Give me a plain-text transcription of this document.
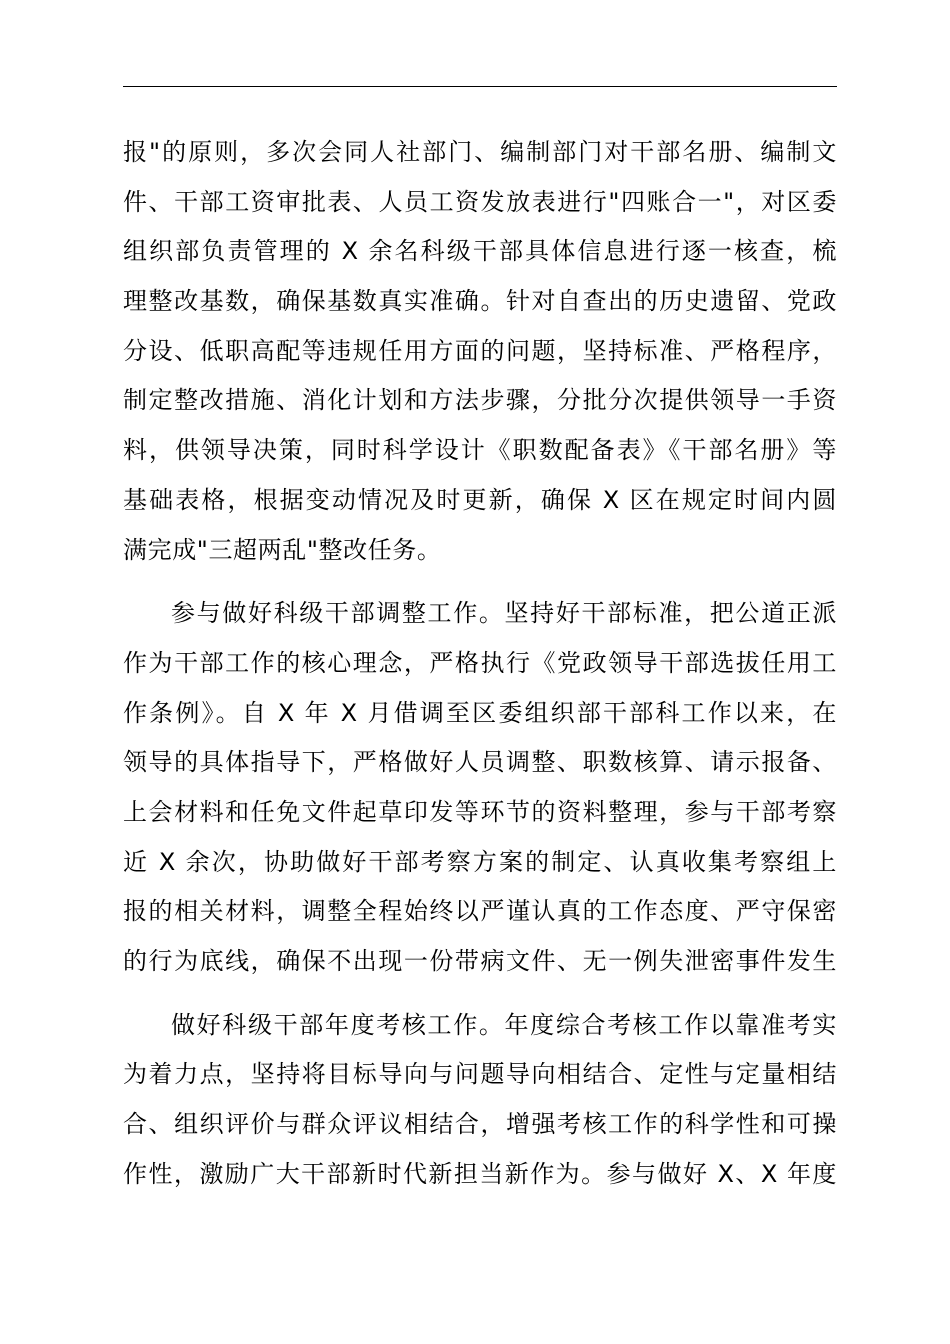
报"的原则，多次会同人社部门、编制部门对干部名册、编制文
件、干部工资审批表、人员工资发放表进行"四账合一"，对区委
组织部负责管理的 X 余名科级干部具体信息进行逐一核查，梳
理整改基数，确保基数真实准确。针对自查出的历史遗留、党政
分设、低职高配等违规任用方面的问题，坚持标准、严格程序，
制定整改措施、消化计划和方法步骤，分批分次提供领导一手资
料，供领导决策，同时科学设计《职数配备表》《干部名册》等
基础表格，根据变动情况及时更新，确保 X 区在规定时间内圆
满完成"三超两乱"整改任务。
参与做好科级干部调整工作。坚持好干部标准，把公道正派
作为干部工作的核心理念，严格执行《党政领导干部选拔任用工
作条例》。自 X 年 X 月借调至区委组织部干部科工作以来，在
领导的具体指导下，严格做好人员调整、职数核算、请示报备、
上会材料和任免文件起草印发等环节的资料整理，参与干部考察
近 X 余次，协助做好干部考察方案的制定、认真收集考察组上
报的相关材料，调整全程始终以严谨认真的工作态度、严守保密
的行为底线，确保不出现一份带病文件、无一例失泄密事件发生
做好科级干部年度考核工作。年度综合考核工作以靠准考实
为着力点，坚持将目标导向与问题导向相结合、定性与定量相结
合、组织评价与群众评议相结合，增强考核工作的科学性和可操
作性，激励广大干部新时代新担当新作为。参与做好 X、X 年度
